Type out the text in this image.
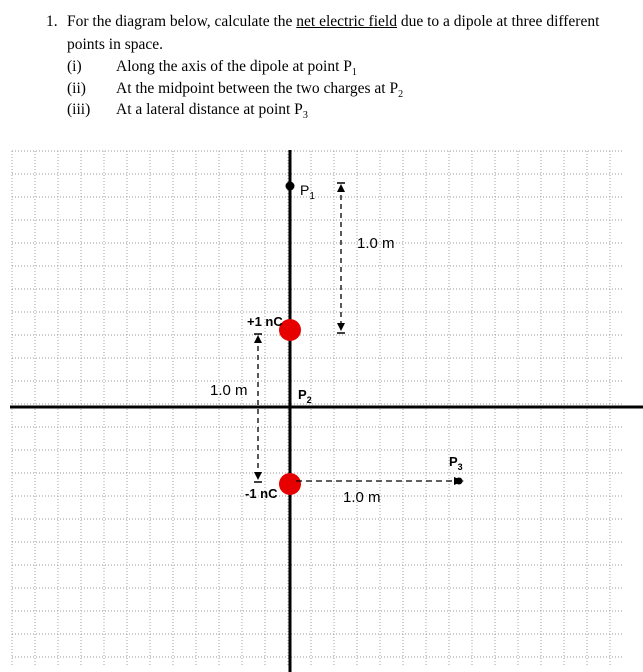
1. For the diagram below, calculate the net electric field due to a dipole at three different
points in space.
(i) Along the axis of the dipole at point $P_1$
(ii) At the midpoint between the two charges at $P_2$
(iii) At a lateral distance at point $P_3$
$P_1$
$P_2$
$P_3$
+1 nC
-1 nC
1.0 m
1.0 m
1.0 m
